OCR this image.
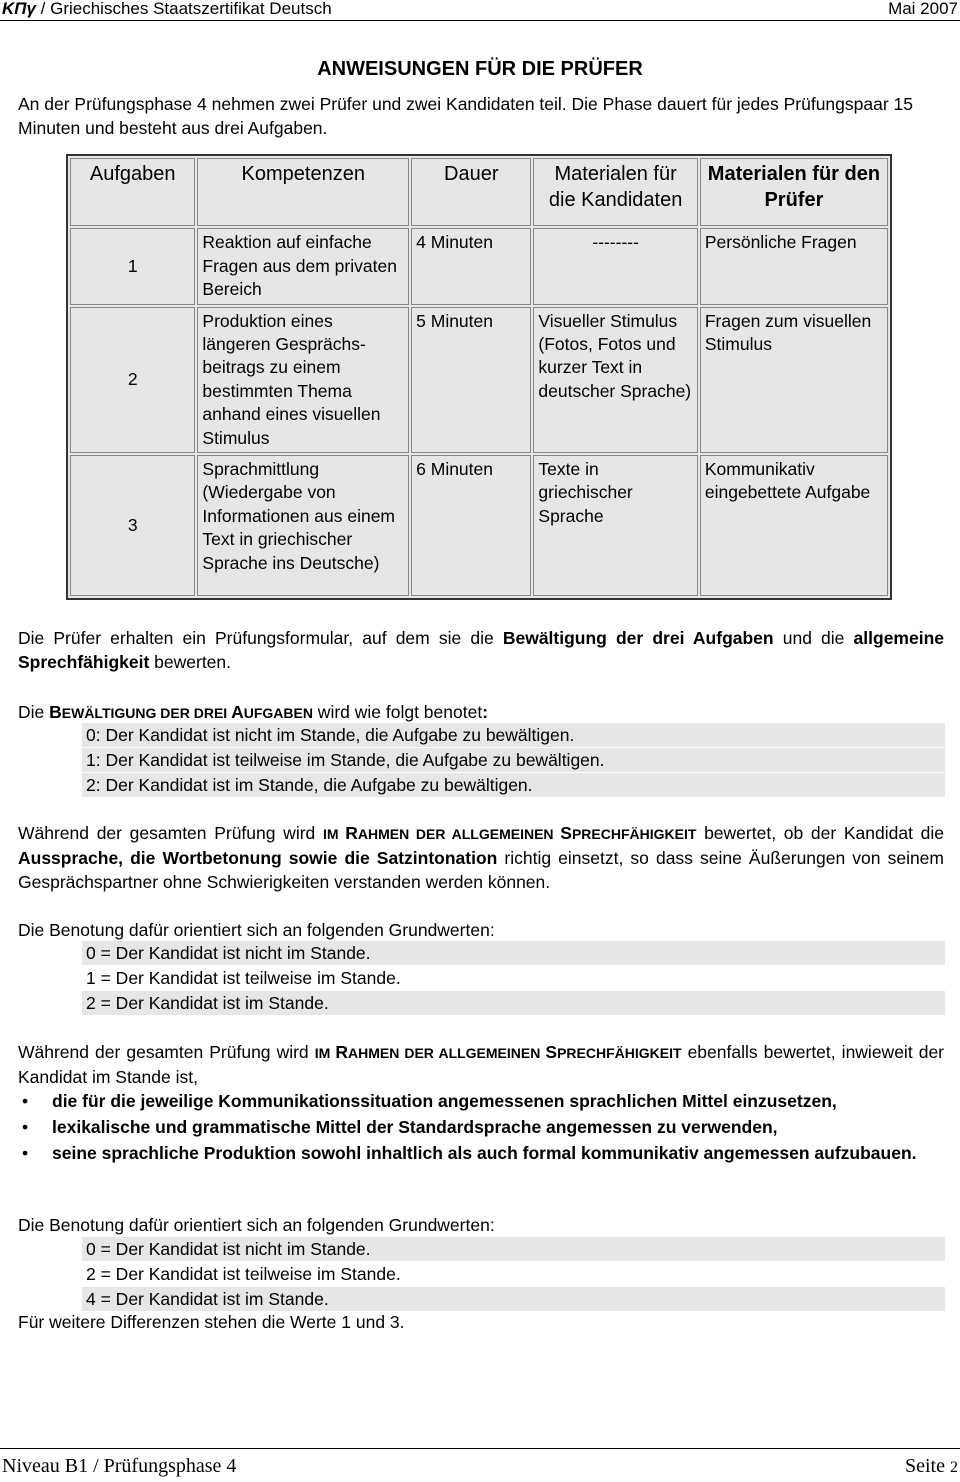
ΚΠγ / Griechisches Staatszertifikat Deutsch	Mai 2007
ANWEISUNGEN FÜR DIE PRÜFER
An der Prüfungsphase 4 nehmen zwei Prüfer und zwei Kandidaten teil. Die Phase dauert für jedes Prüfungspaar 15 Minuten und besteht aus drei Aufgaben.
Aufgaben	Kompetenzen	Dauer	Materialen für die Kandidaten	Materialen für den Prüfer
1	Reaktion auf einfache Fragen aus dem privaten Bereich	4 Minuten	--------	Persönliche Fragen
2	Produktion eines längeren Gesprächs-beitrags zu einem bestimmten Thema anhand eines visuellen Stimulus	5 Minuten	Visueller Stimulus (Fotos, Fotos und kurzer Text in deutscher Sprache)	Fragen zum visuellen Stimulus
3	Sprachmittlung (Wiedergabe von Informationen aus einem Text in griechischer Sprache ins Deutsche)	6 Minuten	Texte in griechischer Sprache	Kommunikativ eingebettete Aufgabe
Die Prüfer erhalten ein Prüfungsformular, auf dem sie die Bewältigung der drei Aufgaben und die allgemeine Sprechfähigkeit bewerten.
Die BEWÄLTIGUNG DER DREI AUFGABEN wird wie folgt benotet:
0: Der Kandidat ist nicht im Stande, die Aufgabe zu bewältigen.
1: Der Kandidat ist teilweise im Stande, die Aufgabe zu bewältigen.
2: Der Kandidat ist im Stande, die Aufgabe zu bewältigen.
Während der gesamten Prüfung wird IM RAHMEN DER ALLGEMEINEN SPRECHFÄHIGKEIT bewertet, ob der Kandidat die Aussprache, die Wortbetonung sowie die Satzintonation richtig einsetzt, so dass seine Äußerungen von seinem Gesprächspartner ohne Schwierigkeiten verstanden werden können.
Die Benotung dafür orientiert sich an folgenden Grundwerten:
0 = Der Kandidat ist nicht im Stande.
1 = Der Kandidat ist teilweise im Stande.
2 = Der Kandidat ist im Stande.
Während der gesamten Prüfung wird IM RAHMEN DER ALLGEMEINEN SPRECHFÄHIGKEIT ebenfalls bewertet, inwieweit der Kandidat im Stande ist,
• die für die jeweilige Kommunikationssituation angemessenen sprachlichen Mittel einzusetzen,
• lexikalische und grammatische Mittel der Standardsprache angemessen zu verwenden,
• seine sprachliche Produktion sowohl inhaltlich als auch formal kommunikativ angemessen aufzubauen.
Die Benotung dafür orientiert sich an folgenden Grundwerten:
0 = Der Kandidat ist nicht im Stande.
2 = Der Kandidat ist teilweise im Stande.
4 = Der Kandidat ist im Stande.
Für weitere Differenzen stehen die Werte 1 und 3.
Niveau B1 / Prüfungsphase 4	Seite 2
